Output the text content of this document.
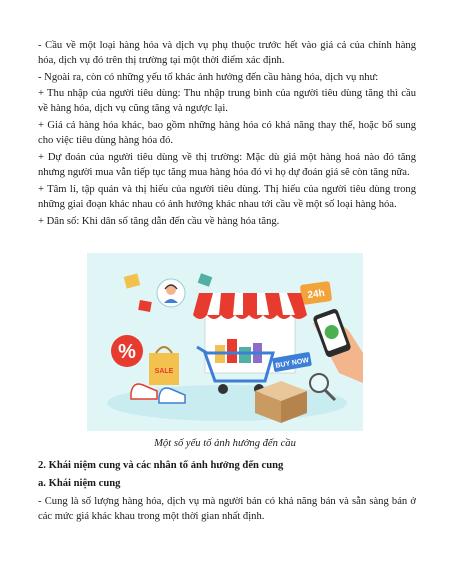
- Cầu về một loại hàng hóa và dịch vụ phụ thuộc trước hết vào giá cả của chính hàng hóa, dịch vụ đó trên thị trường tại một thời điểm xác định.

- Ngoài ra, còn có những yếu tố khác ảnh hưởng đến cầu hàng hóa, dịch vụ như:

+ Thu nhập của người tiêu dùng: Thu nhập trung bình của người tiêu dùng tăng thì cầu về hàng hóa, dịch vụ cũng tăng và ngược lại.

+ Giá cả hàng hóa khác, bao gồm những hàng hóa có khả năng thay thế, hoặc bổ sung cho việc tiêu dùng hàng hóa đó.

+ Dự đoán của người tiêu dùng về thị trường: Mặc dù giá một hàng hoá nào đó tăng nhưng người mua vẫn tiếp tục tăng mua hàng hóa đó vì họ dự đoán giá sẽ còn tăng nữa.

+ Tâm lí, tập quán và thị hiếu của người tiêu dùng. Thị hiếu của người tiêu dùng trong những giai đoạn khác nhau có ảnh hưởng khác nhau tới cầu về một số loại hàng hóa.

+ Dân số: Khi dân số tăng dẫn đến cầu về hàng hóa tăng.

24h
BUY NOW
%
SALE
Một số yếu tố ảnh hưởng đến cầu

2. Khái niệm cung và các nhân tố ảnh hưởng đến cung

a. Khái niệm cung

- Cung là số lượng hàng hóa, dịch vụ mà người bán có khả năng bán và sẵn sàng bán ở các mức giá khác khau trong một thời gian nhất định.
